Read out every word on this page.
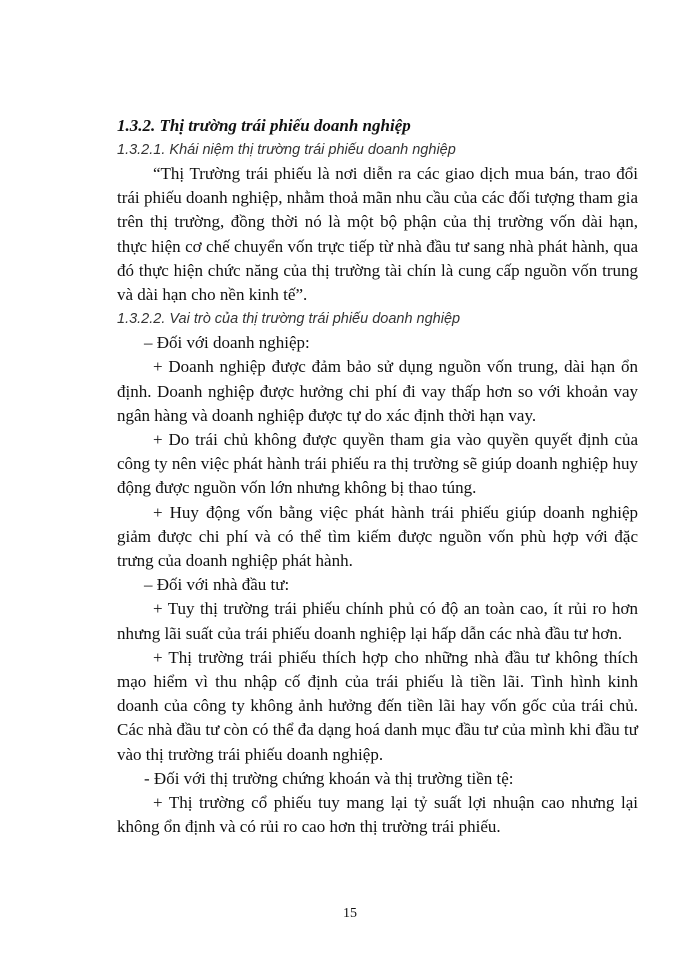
1.3.2. Thị trường trái phiếu doanh nghiệp

1.3.2.1. Khái niệm thị trường trái phiếu doanh nghiệp

“Thị Trường trái phiếu là nơi diễn ra các giao dịch mua bán, trao đổi trái phiếu doanh nghiệp, nhằm thoả mãn nhu cầu của các đối tượng tham gia trên thị trường, đồng thời nó là một bộ phận của thị trường vốn dài hạn, thực hiện cơ chế chuyển vốn trực tiếp từ nhà đầu tư sang nhà phát hành, qua đó thực hiện chức năng của thị trường tài chín là cung cấp nguồn vốn trung và dài hạn cho nền kinh tế”.

1.3.2.2. Vai trò của thị trường trái phiếu doanh nghiệp

– Đối với doanh nghiệp:

+ Doanh nghiệp được đảm bảo sử dụng nguồn vốn trung, dài hạn ổn định. Doanh nghiệp được hưởng chi phí đi vay thấp hơn so với khoản vay ngân hàng và doanh nghiệp được tự do xác định thời hạn vay.

+ Do trái chủ không được quyền tham gia vào quyền quyết định của công ty nên việc phát hành trái phiếu ra thị trường sẽ giúp doanh nghiệp huy động được nguồn vốn lớn nhưng không bị thao túng.

+ Huy động vốn bằng việc phát hành trái phiếu giúp doanh nghiệp giảm được chi phí và có thể tìm kiếm được nguồn vốn phù hợp với đặc trưng của doanh nghiệp phát hành.

– Đối với nhà đầu tư:

+ Tuy thị trường trái phiếu chính phủ có độ an toàn cao, ít rủi ro hơn nhưng lãi suất của trái phiếu doanh nghiệp lại hấp dẫn các nhà đầu tư hơn.

+ Thị trường trái phiếu thích hợp cho những nhà đầu tư không thích mạo hiểm vì thu nhập cố định của trái phiếu là tiền lãi. Tình hình kinh doanh của công ty không ảnh hưởng đến tiền lãi hay vốn gốc của trái chủ. Các nhà đầu tư còn có thể đa dạng hoá danh mục đầu tư của mình khi đầu tư vào thị trường trái phiếu doanh nghiệp.

- Đối với thị trường chứng khoán và thị trường tiền tệ:

+ Thị trường cổ phiếu tuy mang lại tỷ suất lợi nhuận cao nhưng lại không ổn định và có rủi ro cao hơn thị trường trái phiếu.

15
